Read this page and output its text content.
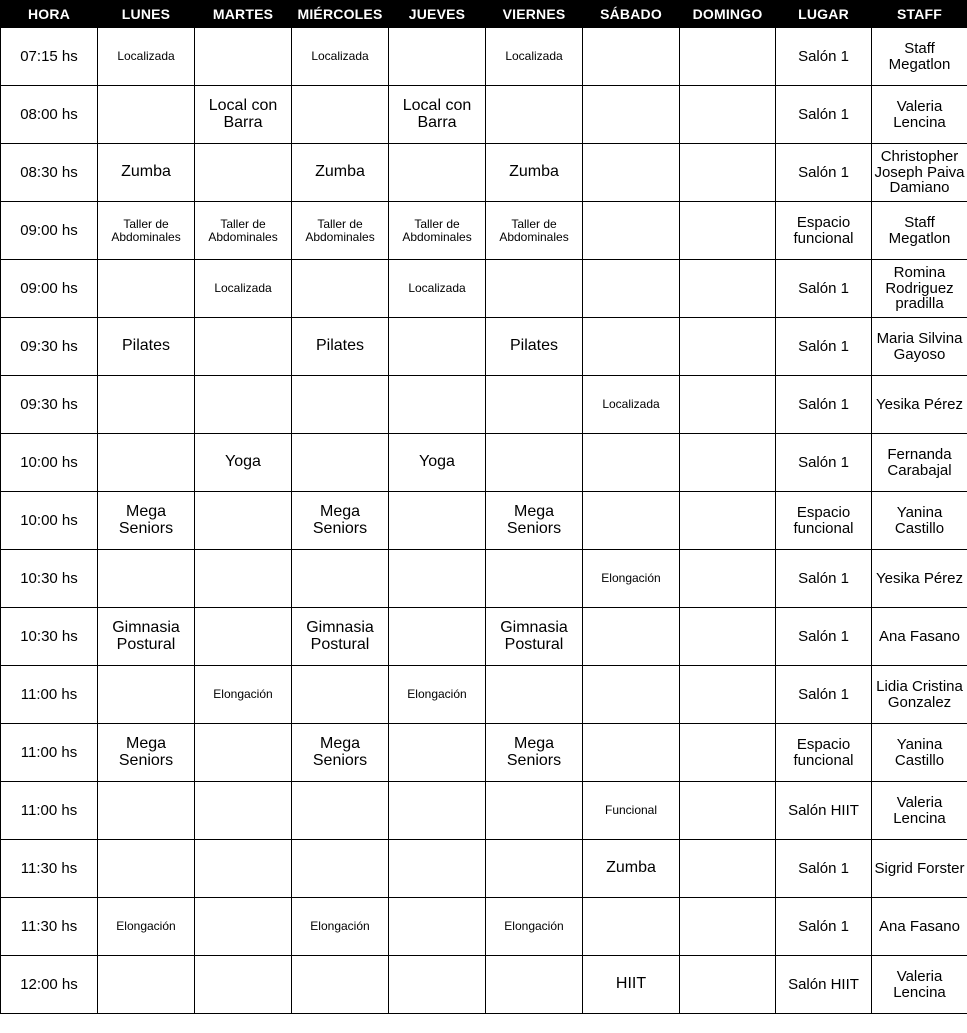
HORA	LUNES	MARTES	MIÉRCOLES	JUEVES	VIERNES	SÁBADO	DOMINGO	LUGAR	STAFF
07:15 hs	Localizada		Localizada		Localizada			Salón 1	Staff Megatlon
08:00 hs		Local con Barra		Local con Barra				Salón 1	Valeria Lencina
08:30 hs	Zumba		Zumba		Zumba			Salón 1	Christopher Joseph Paiva Damiano
09:00 hs	Taller de Abdominales	Taller de Abdominales	Taller de Abdominales	Taller de Abdominales	Taller de Abdominales			Espacio funcional	Staff Megatlon
09:00 hs		Localizada		Localizada				Salón 1	Romina Rodriguez pradilla
09:30 hs	Pilates		Pilates		Pilates			Salón 1	Maria Silvina Gayoso
09:30 hs						Localizada		Salón 1	Yesika Pérez
10:00 hs		Yoga		Yoga				Salón 1	Fernanda Carabajal
10:00 hs	Mega Seniors		Mega Seniors		Mega Seniors			Espacio funcional	Yanina Castillo
10:30 hs						Elongación		Salón 1	Yesika Pérez
10:30 hs	Gimnasia Postural		Gimnasia Postural		Gimnasia Postural			Salón 1	Ana Fasano
11:00 hs		Elongación		Elongación				Salón 1	Lidia Cristina Gonzalez
11:00 hs	Mega Seniors		Mega Seniors		Mega Seniors			Espacio funcional	Yanina Castillo
11:00 hs						Funcional		Salón HIIT	Valeria Lencina
11:30 hs						Zumba		Salón 1	Sigrid Forster
11:30 hs	Elongación		Elongación		Elongación			Salón 1	Ana Fasano
12:00 hs						HIIT		Salón HIIT	Valeria Lencina
